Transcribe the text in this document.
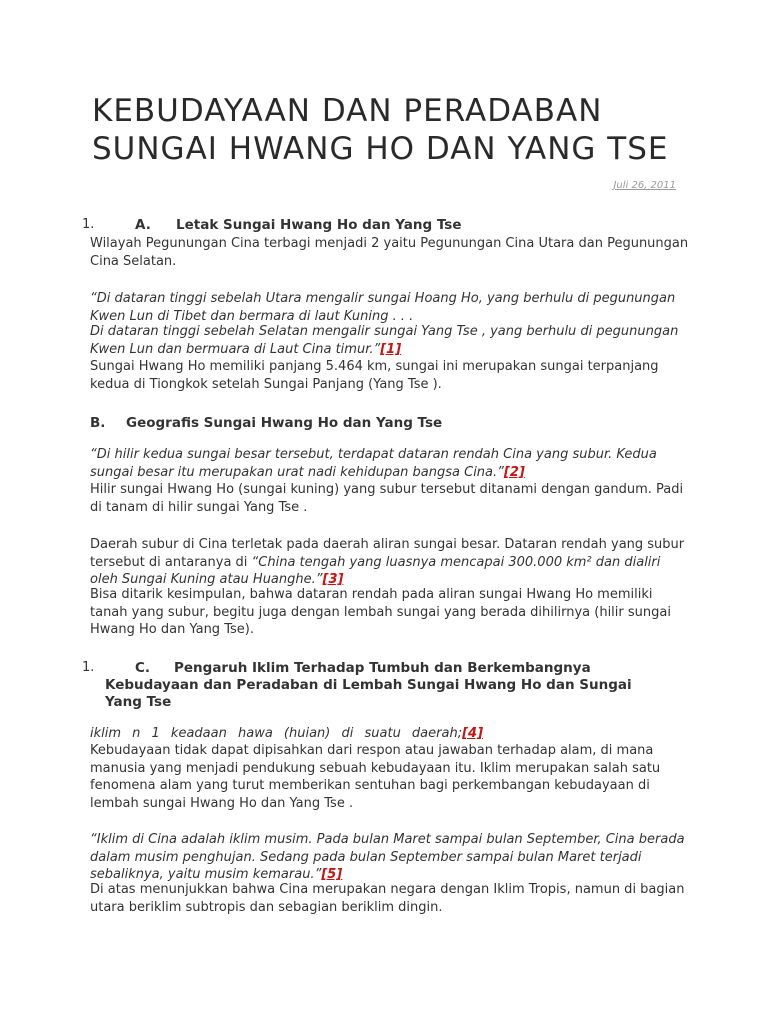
KEBUDAYAAN DAN PERADABAN
SUNGAI HWANG HO DAN YANG TSE
Juli 26, 2011
1.	A. Letak Sungai Hwang Ho dan Yang Tse

Wilayah Pegunungan Cina terbagi menjadi 2 yaitu Pegunungan Cina Utara dan Pegunungan Cina Selatan.

“Di dataran tinggi sebelah Utara mengalir sungai Hoang Ho, yang berhulu di pegunungan Kwen Lun di Tibet dan bermara di laut Kuning . . .

Di dataran tinggi sebelah Selatan mengalir sungai Yang Tse , yang berhulu di pegunungan Kwen Lun dan bermuara di Laut Cina timur.”[1]

Sungai Hwang Ho memiliki panjang 5.464 km, sungai ini merupakan sungai terpanjang kedua di Tiongkok setelah Sungai Panjang (Yang Tse ).

B. Geografis Sungai Hwang Ho dan Yang Tse

“Di hilir kedua sungai besar tersebut, terdapat dataran rendah Cina yang subur. Kedua sungai besar itu merupakan urat nadi kehidupan bangsa Cina.”[2]

Hilir sungai Hwang Ho (sungai kuning) yang subur tersebut ditanami dengan gandum. Padi di tanam di hilir sungai Yang Tse .

Daerah subur di Cina terletak pada daerah aliran sungai besar. Dataran rendah yang subur tersebut di antaranya di “China tengah yang luasnya mencapai 300.000 km² dan dialiri oleh Sungai Kuning atau Huanghe.”[3]

Bisa ditarik kesimpulan, bahwa dataran rendah pada aliran sungai Hwang Ho memiliki tanah yang subur, begitu juga dengan lembah sungai yang berada dihilirnya (hilir sungai Hwang Ho dan Yang Tse).

1.	C. Pengaruh Iklim Terhadap Tumbuh dan Berkembangnya
Kebudayaan dan Peradaban di Lembah Sungai Hwang Ho dan Sungai
Yang Tse

iklim n 1 keadaan hawa (huian) di suatu daerah;[4]

Kebudayaan tidak dapat dipisahkan dari respon atau jawaban terhadap alam, di mana manusia yang menjadi pendukung sebuah kebudayaan itu. Iklim merupakan salah satu fenomena alam yang turut memberikan sentuhan bagi perkembangan kebudayaan di lembah sungai Hwang Ho dan Yang Tse .

“Iklim di Cina adalah iklim musim. Pada bulan Maret sampai bulan September, Cina berada dalam musim penghujan. Sedang pada bulan September sampai bulan Maret terjadi sebaliknya, yaitu musim kemarau.”[5]

Di atas menunjukkan bahwa Cina merupakan negara dengan Iklim Tropis, namun di bagian utara beriklim subtropis dan sebagian beriklim dingin.
